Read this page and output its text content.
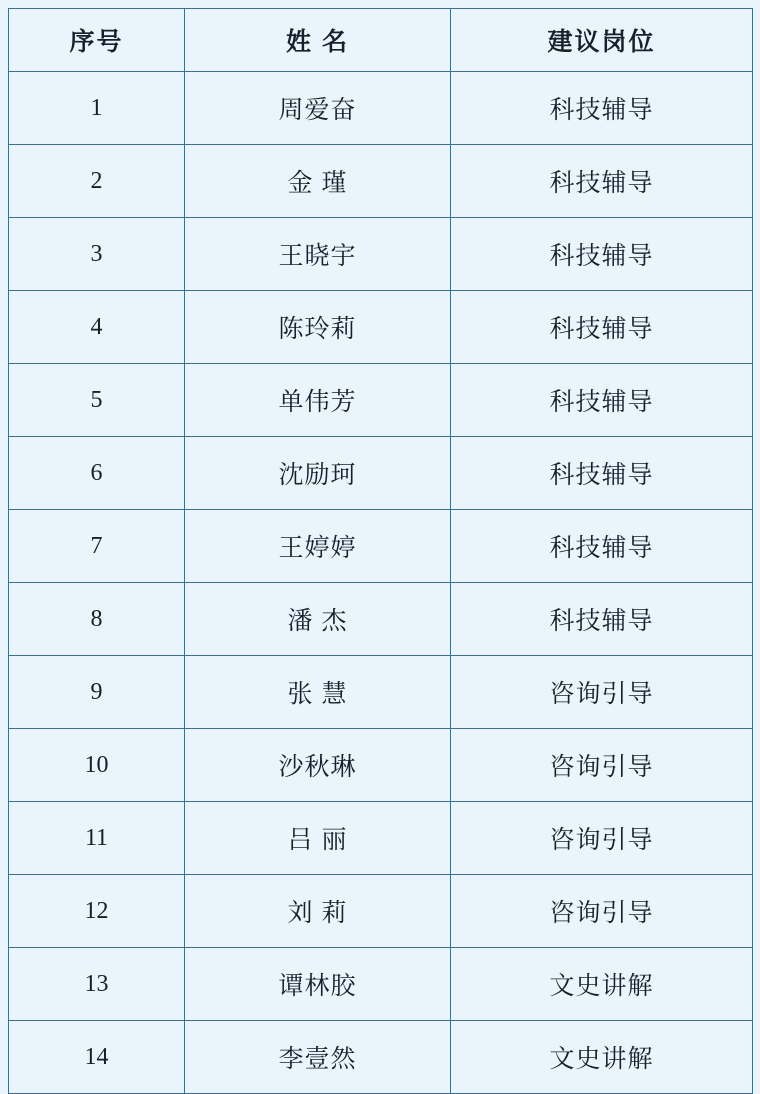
序号	姓 名	建议岗位
1	周爱奋	科技辅导
2	金 瑾	科技辅导
3	王晓宇	科技辅导
4	陈玲莉	科技辅导
5	单伟芳	科技辅导
6	沈励珂	科技辅导
7	王婷婷	科技辅导
8	潘 杰	科技辅导
9	张 慧	咨询引导
10	沙秋琳	咨询引导
11	吕 丽	咨询引导
12	刘 莉	咨询引导
13	谭林胶	文史讲解
14	李壹然	文史讲解
